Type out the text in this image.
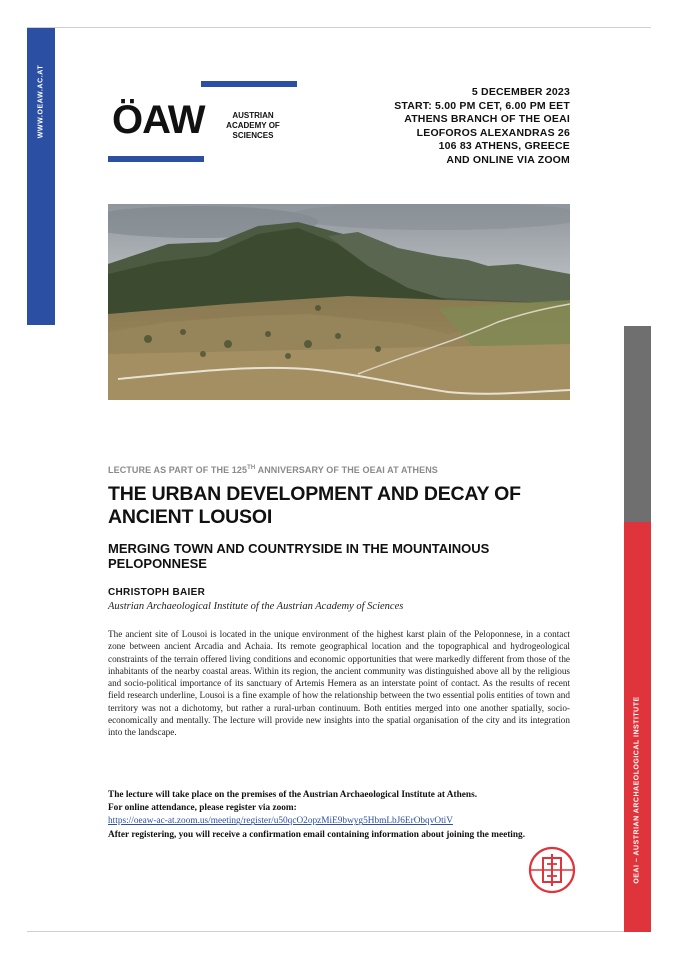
WWW.OEAW.AC.AT
OEAI – AUSTRIAN ARCHAEOLOGICAL INSTITUTE
ÖAW	AUSTRIAN
ACADEMY OF
SCIENCES
5 DECEMBER 2023
START: 5.00 PM CET, 6.00 PM EET
ATHENS BRANCH OF THE OEAI
LEOFOROS ALEXANDRAS 26
106 83 ATHENS, GREECE
AND ONLINE VIA ZOOM
LECTURE AS PART OF THE 125TH ANNIVERSARY OF THE OEAI AT ATHENS
THE URBAN DEVELOPMENT AND DECAY OF ANCIENT LOUSOI
MERGING TOWN AND COUNTRYSIDE IN THE MOUNTAINOUS PELOPONNESE
CHRISTOPH BAIER
Austrian Archaeological Institute of the Austrian Academy of Sciences
The ancient site of Lousoi is located in the unique environment of the highest karst plain of the Peloponnese, in a contact zone between ancient Arcadia and Achaia. Its remote geographical location and the topographical and hydrogeological constraints of the terrain offered living conditions and economic opportunities that were markedly different from those of the inhabitants of the nearby coastal areas. Within its region, the ancient community was distinguished above all by the religious and socio-political importance of its sanctuary of Artemis Hemera as an interstate point of contact. As the results of recent field research underline, Lousoi is a fine example of how the relationship between the two essential polis entities of town and territory was not a dichotomy, but rather a rural-urban continuum. Both entities merged into one another spatially, socio-economically and mentally. The lecture will provide new insights into the spatial organisation of the city and its integration into the landscape.
The lecture will take place on the premises of the Austrian Archaeological Institute at Athens.
For online attendance, please register via zoom:
https://oeaw-ac-at.zoom.us/meeting/register/u50qcO2opzMiE9bwyg5HbmLbJ6ErObqvOtiV
After registering, you will receive a confirmation email containing information about joining the meeting.
